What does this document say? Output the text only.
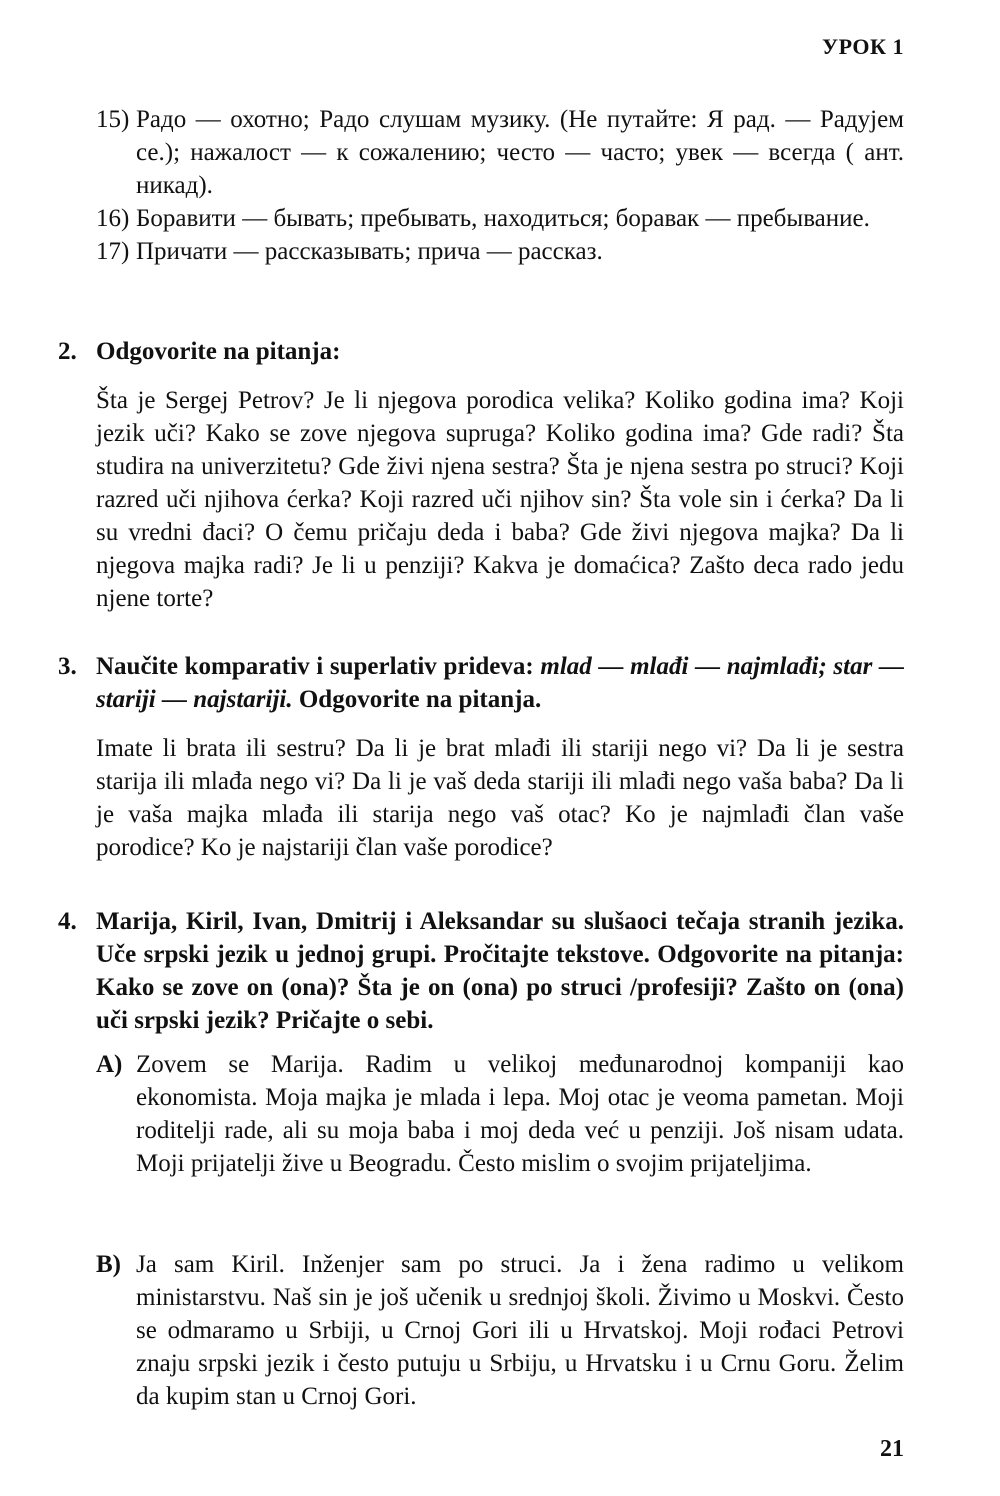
УРОК 1
15) Радо — охотно; Радо слушам музику. (Не путайте: Я рад. — Радујем се.); нажалост — к сожалению; често — часто; увек — всегда ( ант. никад).
16) Боравити — бывать; пребывать, находиться; боравак — пребывание.
17) Причати — рассказывать; прича — рассказ.
2. Odgovorite na pitanja:
Šta je Sergej Petrov? Je li njegova porodica velika? Koliko godina ima? Koji jezik uči? Kako se zove njegova supruga? Koliko godina ima? Gde radi? Šta studira na univerzitetu? Gde živi njena sestra? Šta je njena sestra po struci? Koji razred uči njihova ćerka? Koji razred uči njihov sin? Šta vole sin i ćerka? Da li su vredni đaci? O čemu pričaju deda i baba? Gde živi njegova majka? Da li njegova majka radi? Je li u penziji? Kakva je domaćica? Zašto deca rado jedu njene torte?
3. Naučite komparativ i superlativ prideva: mlad — mlađi — najmlađi; star — stariji — najstariji. Odgovorite na pitanja.
Imate li brata ili sestru? Da li je brat mlađi ili stariji nego vi? Da li je sestra starija ili mlađa nego vi? Da li je vaš deda stariji ili mlađi nego vaša baba? Da li je vaša majka mlađa ili starija nego vaš otac? Ko je najmlađi član vaše porodice? Ko je najstariji član vaše porodice?
4. Marija, Kiril, Ivan, Dmitrij i Aleksandar su slušaoci tečaja stranih jezika. Uče srpski jezik u jednoj grupi. Pročitajte tekstove. Odgovorite na pitanja: Kako se zove on (ona)? Šta je on (ona) po struci /profesiji? Zašto on (ona) uči srpski jezik? Pričajte o sebi.
A) Zovem se Marija. Radim u velikoj međunarodnoj kompaniji kao ekonomista. Moja majka je mlada i lepa. Moj otac je veoma pametan. Moji roditelji rade, ali su moja baba i moj deda već u penziji. Još nisam udata. Moji prijatelji žive u Beogradu. Često mislim o svojim prijateljima.
B) Ja sam Kiril. Inženjer sam po struci. Ja i žena radimo u velikom ministarstvu. Naš sin je još učenik u srednjoj školi. Živimo u Moskvi. Često se odmaramo u Srbiji, u Crnoj Gori ili u Hrvatskoj. Moji rođaci Petrovi znaju srpski jezik i često putuju u Srbiju, u Hrvatsku i u Crnu Goru. Želim da kupim stan u Crnoj Gori.
21
